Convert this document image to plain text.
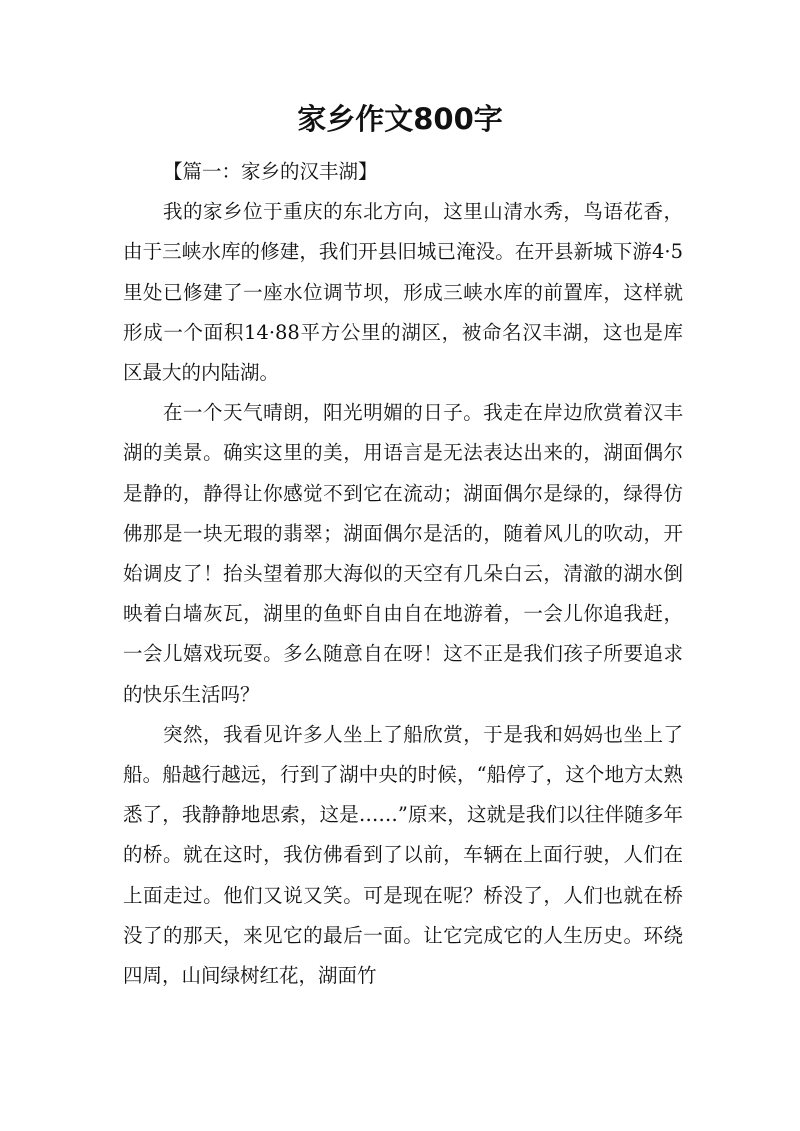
家乡作文800字

【篇一：家乡的汉丰湖】

我的家乡位于重庆的东北方向，这里山清水秀，鸟语花香，由于三峡水库的修建，我们开县旧城已淹没。在开县新城下游4·5里处已修建了一座水位调节坝，形成三峡水库的前置库，这样就形成一个面积14·88平方公里的湖区，被命名汉丰湖，这也是库区最大的内陆湖。

在一个天气晴朗，阳光明媚的日子。我走在岸边欣赏着汉丰湖的美景。确实这里的美，用语言是无法表达出来的，湖面偶尔是静的，静得让你感觉不到它在流动；湖面偶尔是绿的，绿得仿佛那是一块无瑕的翡翠；湖面偶尔是活的，随着风儿的吹动，开始调皮了！抬头望着那大海似的天空有几朵白云，清澈的湖水倒映着白墙灰瓦，湖里的鱼虾自由自在地游着，一会儿你追我赶，一会儿嬉戏玩耍。多么随意自在呀！这不正是我们孩子所要追求的快乐生活吗？

突然，我看见许多人坐上了船欣赏，于是我和妈妈也坐上了船。船越行越远，行到了湖中央的时候，“船停了，这个地方太熟悉了，我静静地思索，这是……”原来，这就是我们以往伴随多年的桥。就在这时，我仿佛看到了以前，车辆在上面行驶，人们在上面走过。他们又说又笑。可是现在呢？桥没了，人们也就在桥没了的那天，来见它的最后一面。让它完成它的人生历史。环绕四周，山间绿树红花，湖面竹
